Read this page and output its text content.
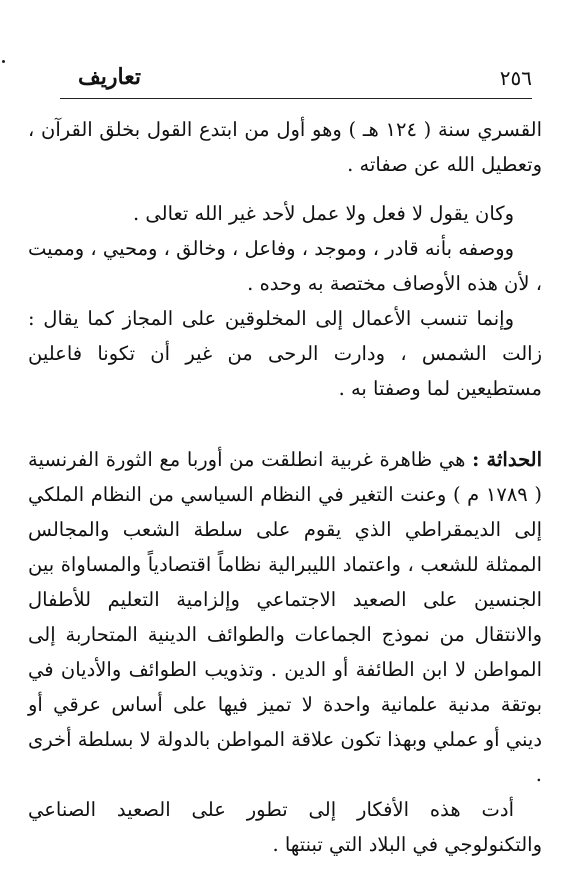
٢٥٦
تعاريف

القسري سنة ( ١٢٤ هـ ) وهو أول من ابتدع القول بخلق القرآن ، وتعطيل الله عن صفاته .

وكان يقول لا فعل ولا عمل لأحد غير الله تعالى .

ووصفه بأنه قادر ، وموجد ، وفاعل ، وخالق ، ومحيي ، ومميت ، لأن هذه الأوصاف مختصة به وحده .

وإنما تنسب الأعمال إلى المخلوقين على المجاز كما يقال : زالت الشمس ، ودارت الرحى من غير أن تكونا فاعلين مستطيعين لما وصفتا به .

الحداثة : هي ظاهرة غربية انطلقت من أوربا مع الثورة الفرنسية ( ١٧٨٩ م ) وعنت التغير في النظام السياسي من النظام الملكي إلى الديمقراطي الذي يقوم على سلطة الشعب والمجالس الممثلة للشعب ، واعتماد الليبرالية نظاماً اقتصادياً والمساواة بين الجنسين على الصعيد الاجتماعي وإلزامية التعليم للأطفال والانتقال من نموذج الجماعات والطوائف الدينية المتحاربة إلى المواطن لا ابن الطائفة أو الدين . وتذويب الطوائف والأديان في بوتقة مدنية علمانية واحدة لا تميز فيها على أساس عرقي أو ديني أو عملي وبهذا تكون علاقة المواطن بالدولة لا بسلطة أخرى .

أدت هذه الأفكار إلى تطور على الصعيد الصناعي والتكنولوجي في البلاد التي تبنتها .
